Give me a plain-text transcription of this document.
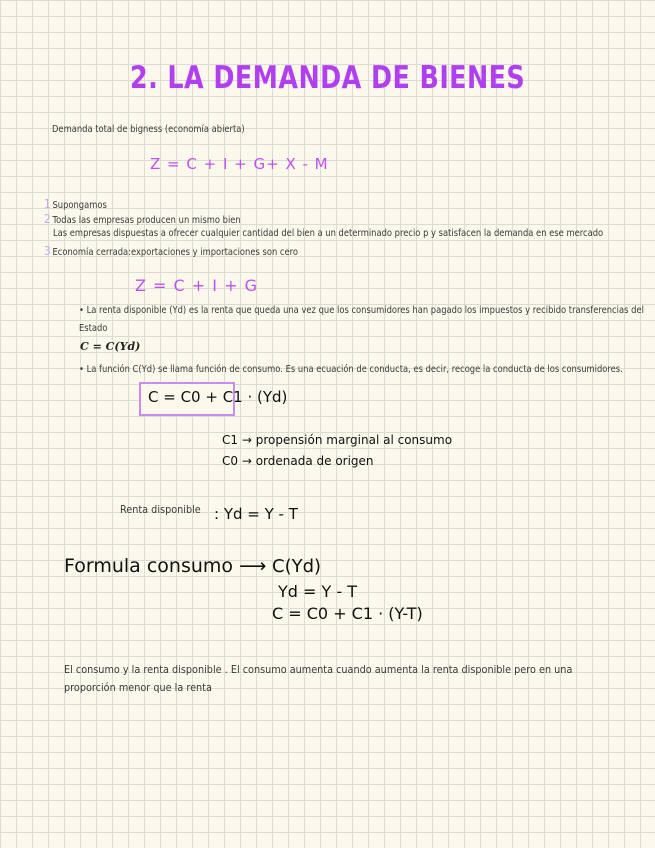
2. LA DEMANDA DE BIENES
Demanda total de bigness (economía abierta)
Z = C + I + G+ X - M
1 Supongamos
2 Todas las empresas producen un mismo bien
Las empresas dispuestas a ofrecer cualquier cantidad del bien a un determinado precio p y satisfacen la demanda en ese mercado
3 Economía cerrada:exportaciones y importaciones son cero
Z = C + I + G
• La renta disponible (Yd) es la renta que queda una vez que los consumidores han pagado los impuestos y recibido transferencias del
Estado
C = C(Yd)
• La función C(Yd) se llama función de consumo. Es una ecuación de conducta, es decir, recoge la conducta de los consumidores.
C = C0 + C1 · (Yd)
C1 → propensión marginal al consumo
C0 → ordenada de origen
Renta disponible : Yd = Y - T
Formula consumo ⟶ C(Yd)
Yd = Y - T
C = C0 + C1 · (Y-T)
El consumo y la renta disponible . El consumo aumenta cuando aumenta la renta disponible pero en una
proporción menor que la renta
